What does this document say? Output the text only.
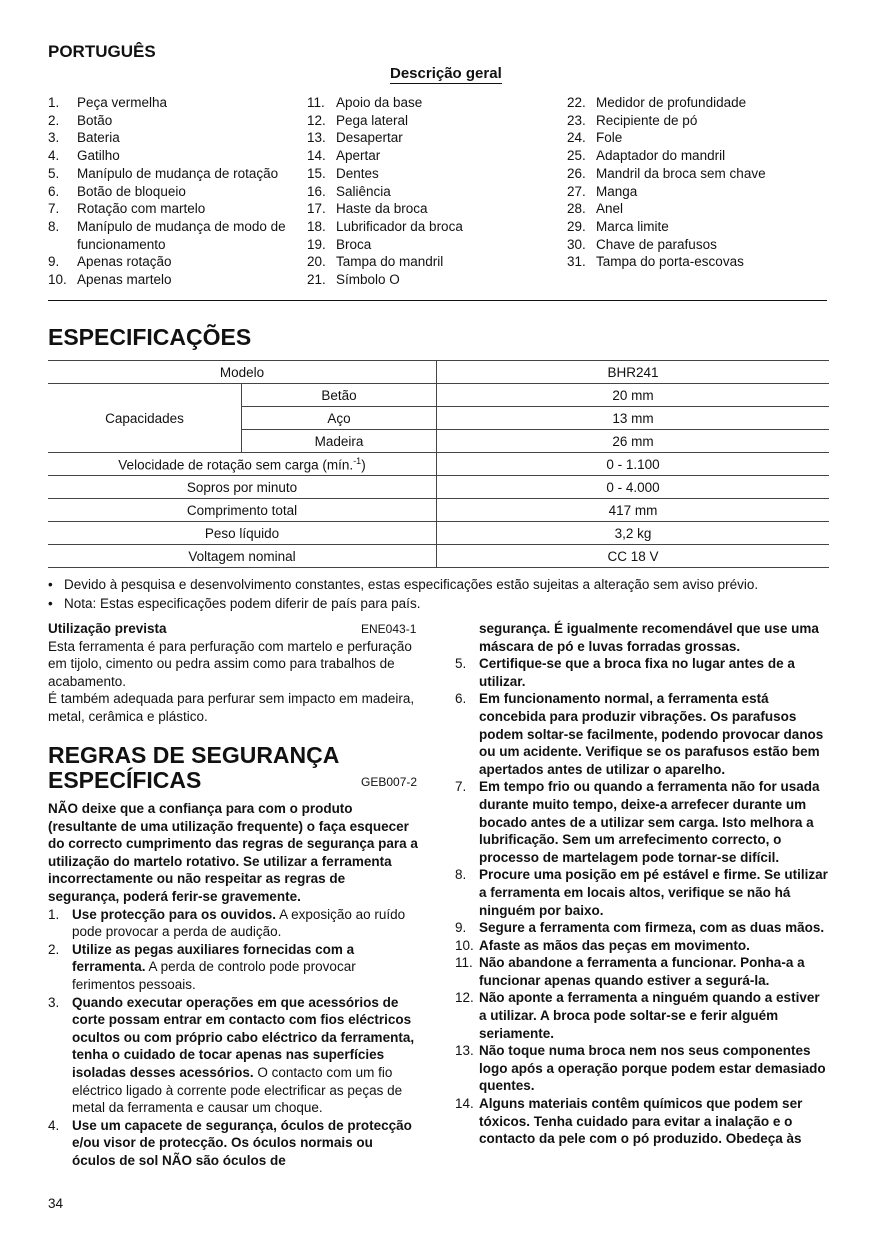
PORTUGUÊS
Descrição geral
1.	Peça vermelha
2.	Botão
3.	Bateria
4.	Gatilho
5.	Manípulo de mudança de rotação
6.	Botão de bloqueio
7.	Rotação com martelo
8.	Manípulo de mudança de modo de funcionamento
9.	Apenas rotação
10. Apenas martelo
11. Apoio da base
12. Pega lateral
13. Desapertar
14. Apertar
15. Dentes
16. Saliência
17. Haste da broca
18. Lubrificador da broca
19. Broca
20. Tampa do mandril
21. Símbolo O
22. Medidor de profundidade
23. Recipiente de pó
24. Fole
25. Adaptador do mandril
26. Mandril da broca sem chave
27. Manga
28. Anel
29. Marca limite
30. Chave de parafusos
31. Tampa do porta-escovas
ESPECIFICAÇÕES
Modelo		BHR241
Capacidades	Betão	20 mm
	Aço	13 mm
	Madeira	26 mm
Velocidade de rotação sem carga (mín.$^{-1}$)		0 - 1.100
Sopros por minuto		0 - 4.000
Comprimento total		417 mm
Peso líquido		3,2 kg
Voltagem nominal		CC 18 V
• Devido à pesquisa e desenvolvimento constantes, estas especificações estão sujeitas a alteração sem aviso prévio.
• Nota: Estas especificações podem diferir de país para país.
Utilização prevista
Esta ferramenta é para perfuração com martelo e perfuração em tijolo, cimento ou pedra assim como para trabalhos de acabamento.
É também adequada para perfurar sem impacto em madeira, metal, cerâmica e plástico.
ENE043-1
REGRAS DE SEGURANÇA
ESPECÍFICAS	GEB007-2
NÃO deixe que a confiança para com o produto (resultante de uma utilização frequente) o faça esquecer do correcto cumprimento das regras de segurança para a utilização do martelo rotativo. Se utilizar a ferramenta incorrectamente ou não respeitar as regras de segurança, poderá ferir-se gravemente.
1. Use protecção para os ouvidos. A exposição ao ruído pode provocar a perda de audição.
2. Utilize as pegas auxiliares fornecidas com a ferramenta. A perda de controlo pode provocar ferimentos pessoais.
3. Quando executar operações em que acessórios de corte possam entrar em contacto com fios eléctricos ocultos ou com próprio cabo eléctrico da ferramenta, tenha o cuidado de tocar apenas nas superfícies isoladas desses acessórios. O contacto com um fio eléctrico ligado à corrente pode electrificar as peças de metal da ferramenta e causar um choque.
4. Use um capacete de segurança, óculos de protecção e/ou visor de protecção. Os óculos normais ou óculos de sol NÃO são óculos de
segurança. É igualmente recomendável que use uma máscara de pó e luvas forradas grossas.
5. Certifique-se que a broca fixa no lugar antes de a utilizar.
6. Em funcionamento normal, a ferramenta está concebida para produzir vibrações. Os parafusos podem soltar-se facilmente, podendo provocar danos ou um acidente. Verifique se os parafusos estão bem apertados antes de utilizar o aparelho.
7. Em tempo frio ou quando a ferramenta não for usada durante muito tempo, deixe-a arrefecer durante um bocado antes de a utilizar sem carga. Isto melhora a lubrificação. Sem um arrefecimento correcto, o processo de martelagem pode tornar-se difícil.
8. Procure uma posição em pé estável e firme. Se utilizar a ferramenta em locais altos, verifique se não há ninguém por baixo.
9. Segure a ferramenta com firmeza, com as duas mãos.
10. Afaste as mãos das peças em movimento.
11. Não abandone a ferramenta a funcionar. Ponha-a a funcionar apenas quando estiver a segurá-la.
12. Não aponte a ferramenta a ninguém quando a estiver a utilizar. A broca pode soltar-se e ferir alguém seriamente.
13. Não toque numa broca nem nos seus componentes logo após a operação porque podem estar demasiado quentes.
14. Alguns materiais contêm químicos que podem ser tóxicos. Tenha cuidado para evitar a inalação e o contacto da pele com o pó produzido. Obedeça às
34
